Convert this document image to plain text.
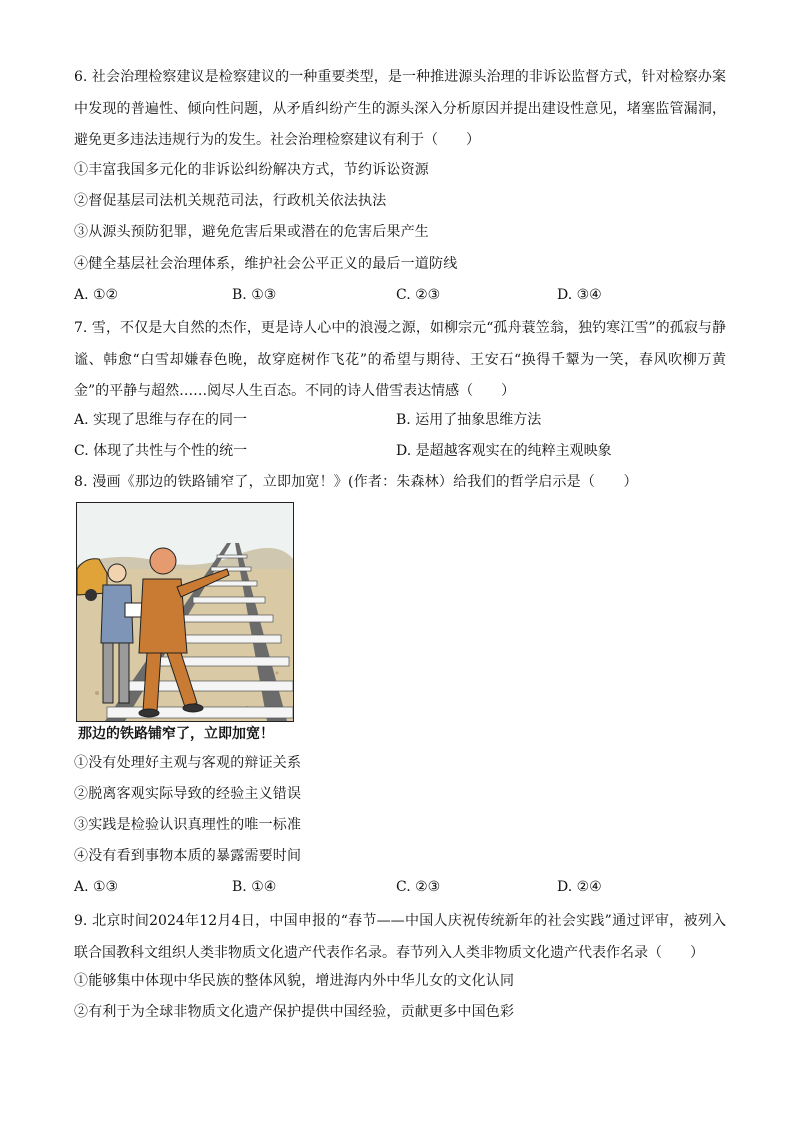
6. 社会治理检察建议是检察建议的一种重要类型，是一种推进源头治理的非诉讼监督方式，针对检察办案中发现的普遍性、倾向性问题，从矛盾纠纷产生的源头深入分析原因并提出建设性意见，堵塞监管漏洞，避免更多违法违规行为的发生。社会治理检察建议有利于（　　）
①丰富我国多元化的非诉讼纠纷解决方式，节约诉讼资源
②督促基层司法机关规范司法，行政机关依法执法
③从源头预防犯罪，避免危害后果或潜在的危害后果产生
④健全基层社会治理体系，维护社会公平正义的最后一道防线
A. ①②	B. ①③	C. ②③	D. ③④
7. 雪，不仅是大自然的杰作，更是诗人心中的浪漫之源，如柳宗元“孤舟蓑笠翁，独钓寒江雪”的孤寂与静谧、韩愈“白雪却嫌春色晚，故穿庭树作飞花”的希望与期待、王安石“换得千颦为一笑，春风吹柳万黄金”的平静与超然……阅尽人生百态。不同的诗人借雪表达情感（　　）
A. 实现了思维与存在的同一	B. 运用了抽象思维方法
C. 体现了共性与个性的统一	D. 是超越客观实在的纯粹主观映象
8. 漫画《那边的铁路铺窄了，立即加宽！》(作者：朱森林）给我们的哲学启示是（　　）
那边的铁路铺窄了，立即加宽！
①没有处理好主观与客观的辩证关系
②脱离客观实际导致的经验主义错误
③实践是检验认识真理性的唯一标准
④没有看到事物本质的暴露需要时间
A. ①③	B. ①④	C. ②③	D. ②④
9. 北京时间2024年12月4日，中国申报的“春节——中国人庆祝传统新年的社会实践”通过评审，被列入联合国教科文组织人类非物质文化遗产代表作名录。春节列入人类非物质文化遗产代表作名录（　　）
①能够集中体现中华民族的整体风貌，增进海内外中华儿女的文化认同
②有利于为全球非物质文化遗产保护提供中国经验，贡献更多中国色彩
